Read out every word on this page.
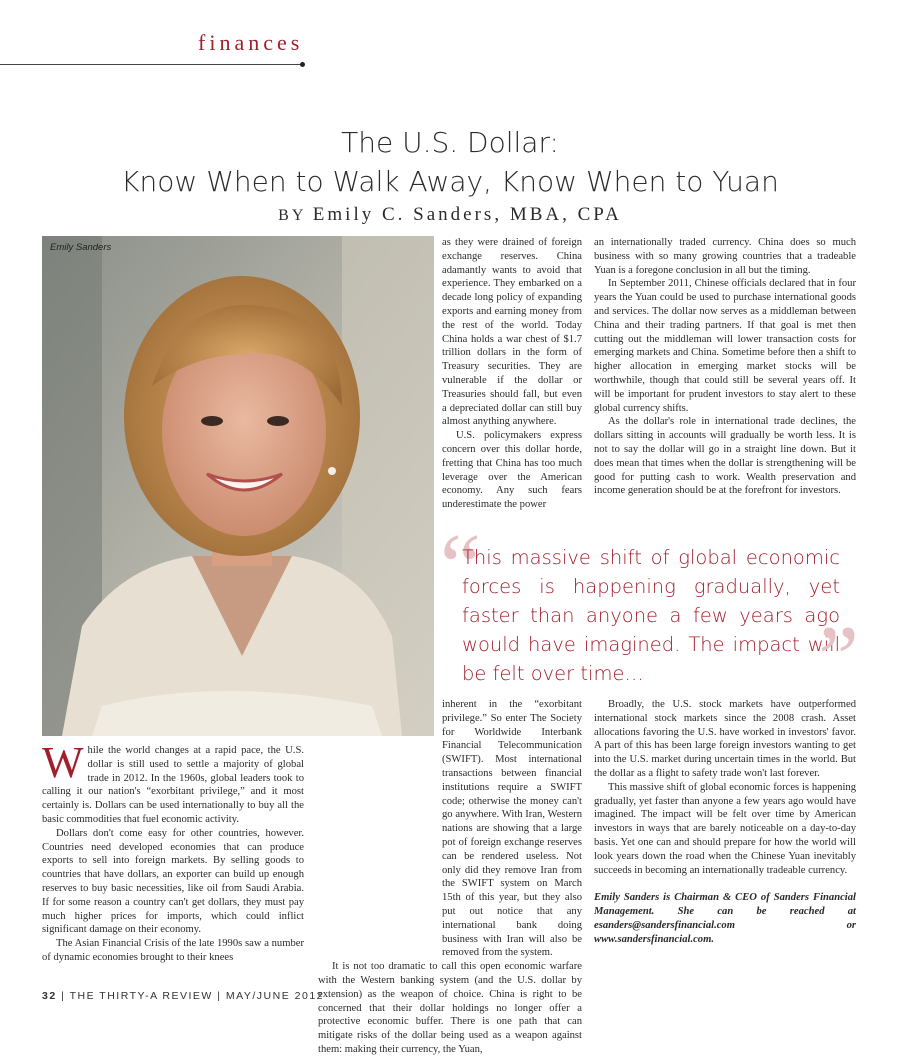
finances
The U.S. Dollar:
Know When to Walk Away, Know When to Yuan
BY Emily C. Sanders, MBA, CPA
Emily Sanders	as they were drained of foreign exchange reserves. China adamantly wants to avoid that experience. They embarked on a decade long policy of expanding exports and earning money from the rest of the world. Today China holds a war chest of $1.7 trillion dollars in the form of Treasury securities. They are vulnerable if the dollar or Treasuries should fall, but even a depreciated dollar can still buy almost anything anywhere.

U.S. policymakers express concern over this dollar horde, fretting that China has too much leverage over the American economy. Any such fears underestimate the power

an internationally traded currency. China does so much business with so many growing countries that a tradeable Yuan is a foregone conclusion in all but the timing.

In September 2011, Chinese officials declared that in four years the Yuan could be used to purchase international goods and services. The dollar now serves as a middleman between China and their trading partners. If that goal is met then cutting out the middleman will lower transaction costs for emerging markets and China. Sometime before then a shift to higher allocation in emerging market stocks will be worthwhile, though that could still be several years off. It will be important for prudent investors to stay alert to these global currency shifts.

As the dollar's role in international trade declines, the dollars sitting in accounts will gradually be worth less. It is not to say the dollar will go in a straight line down. But it does mean that times when the dollar is strengthening will be good for putting cash to work. Wealth preservation and income generation should be at the forefront for investors.

“
This massive shift of global economic forces is happening gradually, yet faster than anyone a few years ago would have imagined. The impact will be felt over time…	”

While the world changes at a rapid pace, the U.S. dollar is still used to settle a majority of global trade in 2012. In the 1960s, global leaders took to calling it our nation's “exorbitant privilege,” and it most certainly is. Dollars can be used internationally to buy all the basic commodities that fuel economic activity.

Dollars don't come easy for other countries, however. Countries need developed economies that can produce exports to sell into foreign markets. By selling goods to countries that have dollars, an exporter can build up enough reserves to buy basic necessities, like oil from Saudi Arabia. If for some reason a country can't get dollars, they must pay much higher prices for imports, which could inflict significant damage on their economy.

The Asian Financial Crisis of the late 1990s saw a number of dynamic economies brought to their knees

inherent in the “exorbitant privilege.” So enter The Society for Worldwide Interbank Financial Telecommunication (SWIFT). Most international transactions between financial institutions require a SWIFT code; otherwise the money can't go anywhere. With Iran, Western nations are showing that a large pot of foreign exchange reserves can be rendered useless. Not only did they remove Iran from the SWIFT system on March 15th of this year, but they also put out notice that any international bank doing business with Iran will also be removed from the system.

It is not too dramatic to call this open economic warfare with the Western banking system (and the U.S. dollar by extension) as the weapon of choice. China is right to be concerned that their dollar holdings no longer offer a protective economic buffer. There is one path that can mitigate risks of the dollar being used as a weapon against them: making their currency, the Yuan,

Broadly, the U.S. stock markets have outperformed international stock markets since the 2008 crash. Asset allocations favoring the U.S. have worked in investors' favor. A part of this has been large foreign investors wanting to get into the U.S. market during uncertain times in the world. But the dollar as a flight to safety trade won't last forever.

This massive shift of global economic forces is happening gradually, yet faster than anyone a few years ago would have imagined. The impact will be felt over time by American investors in ways that are barely noticeable on a day-to-day basis. Yet one can and should prepare for how the world will look years down the road when the Chinese Yuan inevitably succeeds in becoming an internationally tradeable currency.

Emily Sanders is Chairman & CEO of Sanders Financial Management. She can be reached at esanders@sandersfinancial.com or www.sandersfinancial.com.

32 | THE THIRTY-A REVIEW | MAY/JUNE 2012
